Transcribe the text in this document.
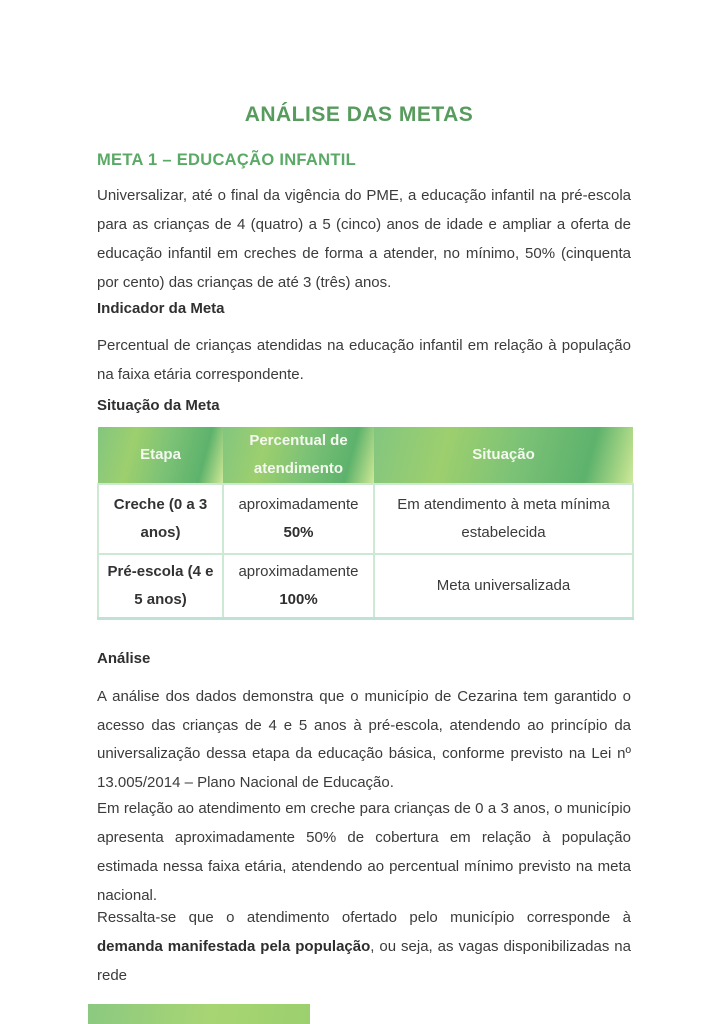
ANÁLISE DAS METAS
META 1 – EDUCAÇÃO INFANTIL
Universalizar, até o final da vigência do PME, a educação infantil na pré-escola para as crianças de 4 (quatro) a 5 (cinco) anos de idade e ampliar a oferta de educação infantil em creches de forma a atender, no mínimo, 50% (cinquenta por cento) das crianças de até 3 (três) anos.
Indicador da Meta
Percentual de crianças atendidas na educação infantil em relação à população na faixa etária correspondente.
Situação da Meta
Etapa	Percentual de atendimento	Situação
Creche (0 a 3 anos)	aproximadamente 50%	Em atendimento à meta mínima estabelecida
Pré-escola (4 e 5 anos)	aproximadamente 100%	Meta universalizada
Análise
A análise dos dados demonstra que o município de Cezarina tem garantido o acesso das crianças de 4 e 5 anos à pré-escola, atendendo ao princípio da universalização dessa etapa da educação básica, conforme previsto na Lei nº 13.005/2014 – Plano Nacional de Educação.
Em relação ao atendimento em creche para crianças de 0 a 3 anos, o município apresenta aproximadamente 50% de cobertura em relação à população estimada nessa faixa etária, atendendo ao percentual mínimo previsto na meta nacional.
Ressalta-se que o atendimento ofertado pelo município corresponde à demanda manifestada pela população, ou seja, as vagas disponibilizadas na rede
